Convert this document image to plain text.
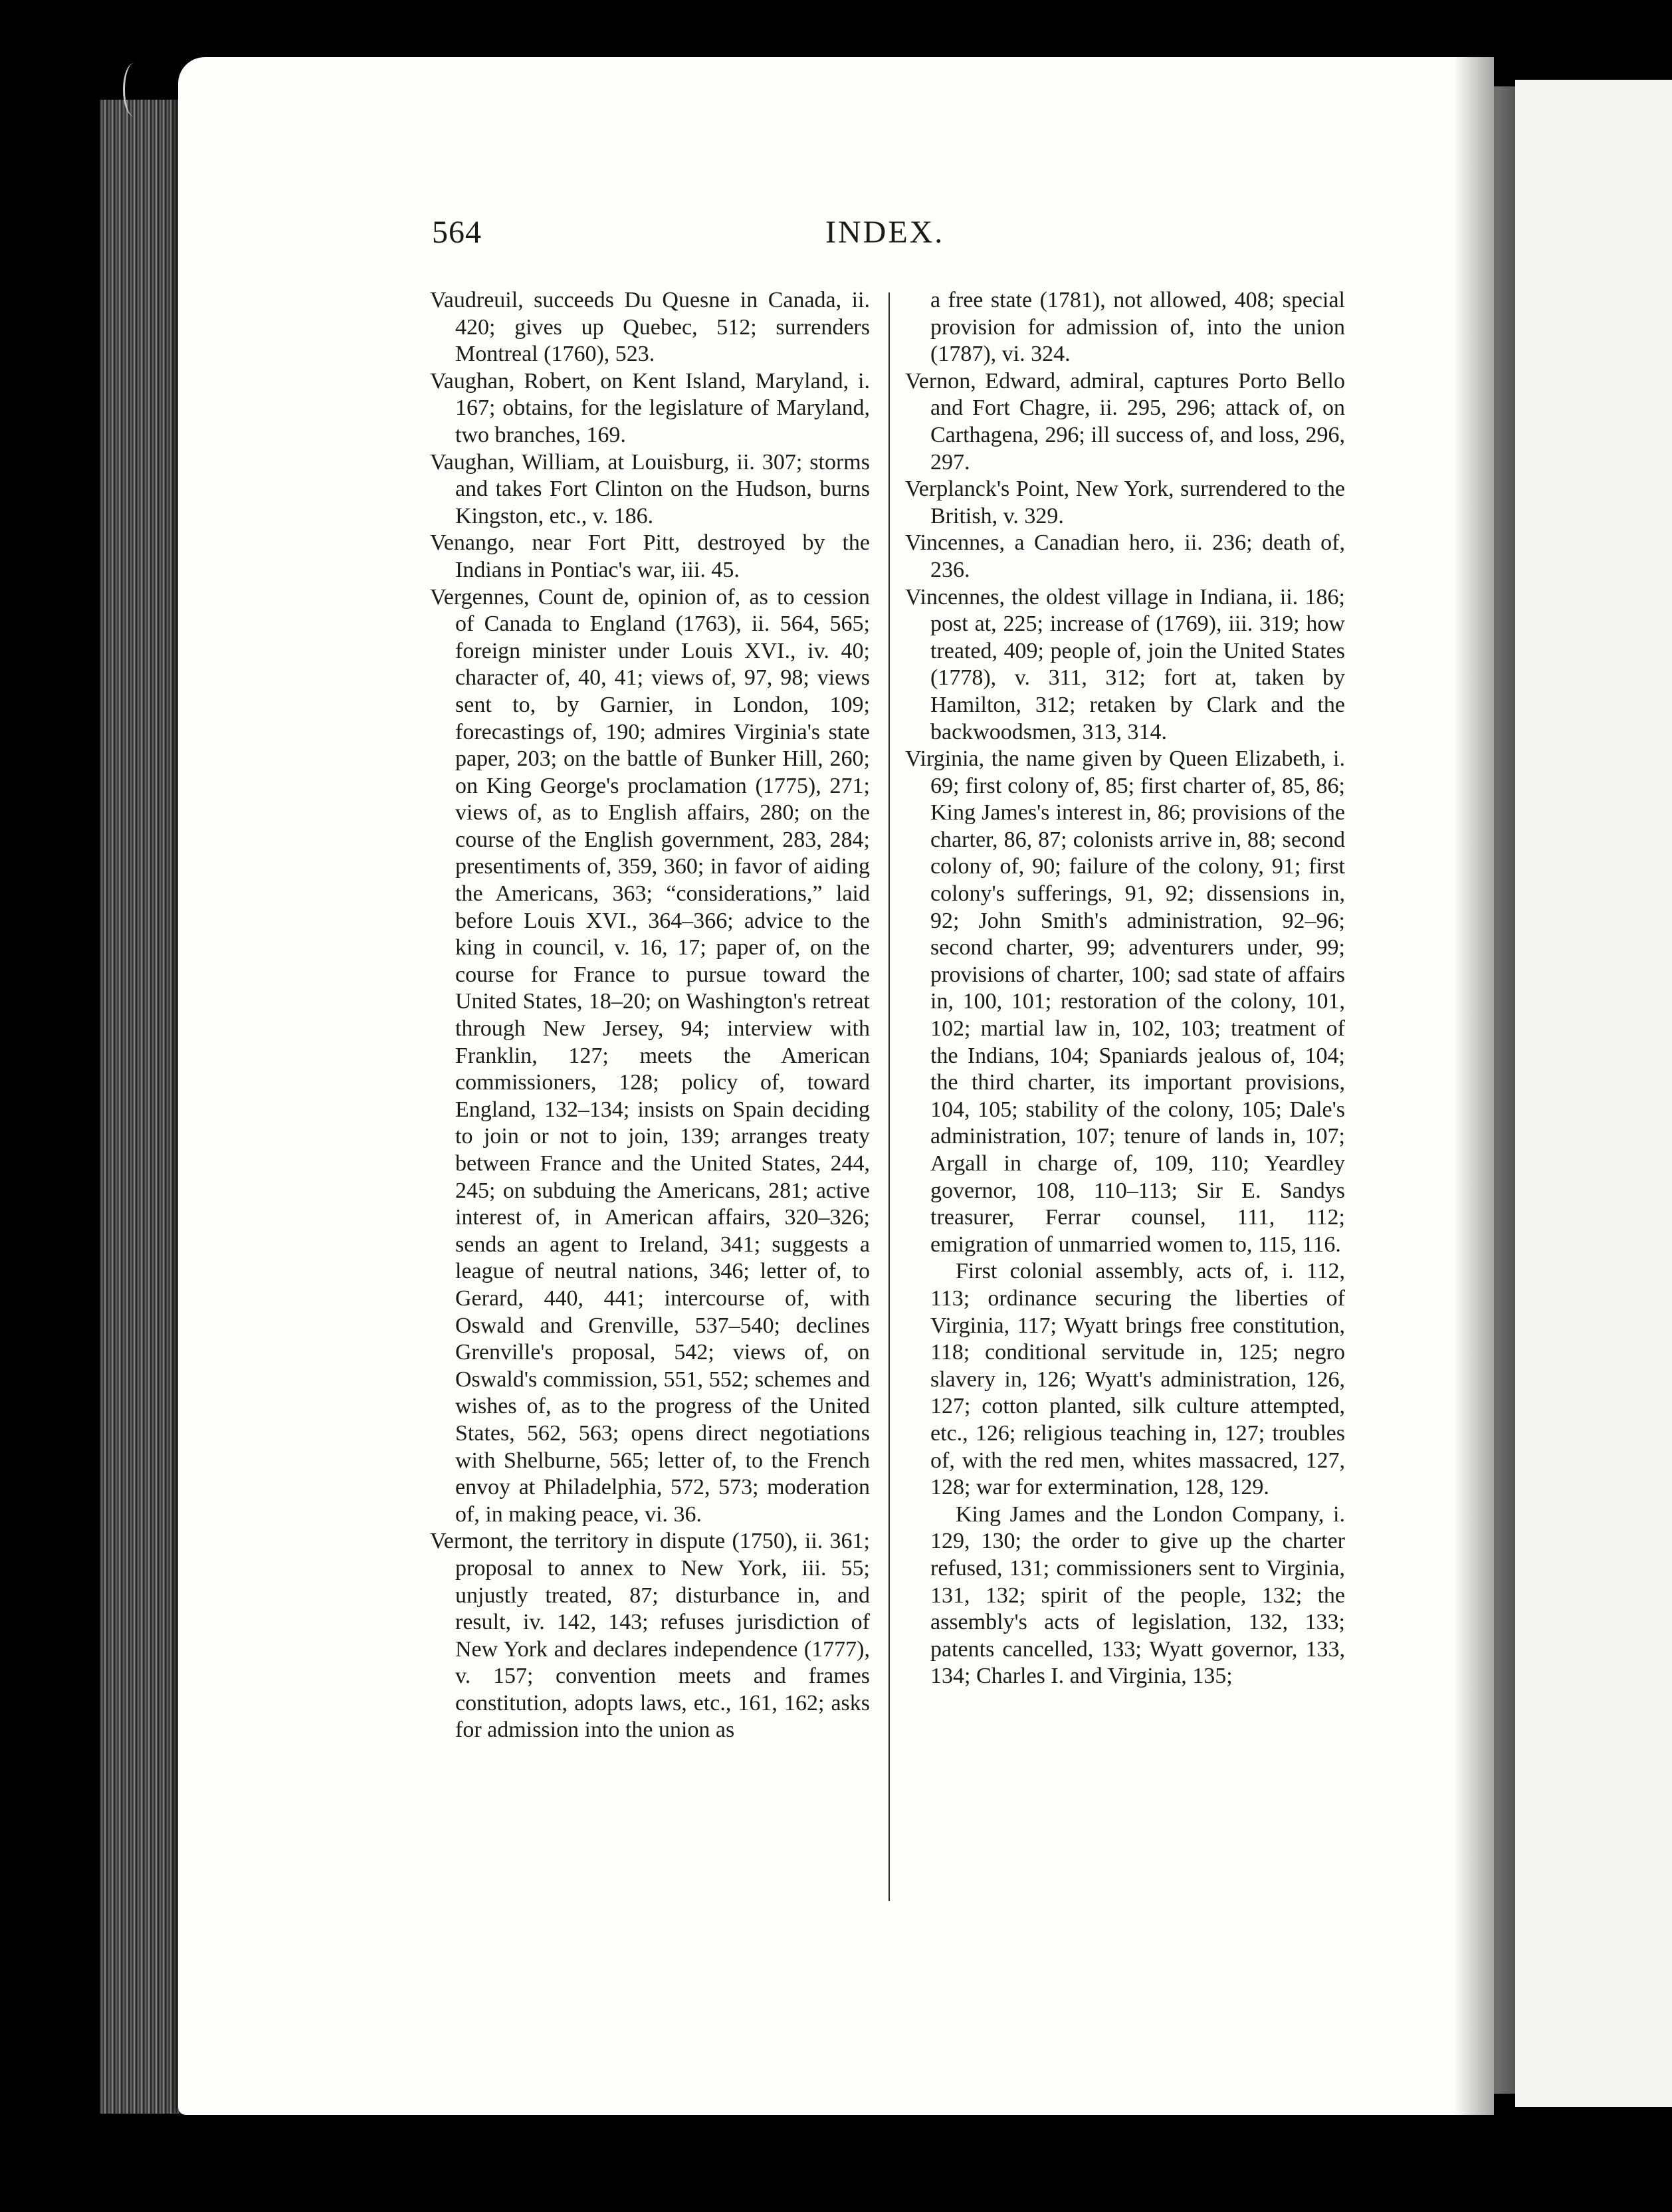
564	INDEX.

Vaudreuil, succeeds Du Quesne in Canada, ii. 420; gives up Quebec, 512; surrenders Montreal (1760), 523.

Vaughan, Robert, on Kent Island, Maryland, i. 167; obtains, for the legislature of Maryland, two branches, 169.

Vaughan, William, at Louisburg, ii. 307; storms and takes Fort Clinton on the Hudson, burns Kingston, etc., v. 186.

Venango, near Fort Pitt, destroyed by the Indians in Pontiac's war, iii. 45.

Vergennes, Count de, opinion of, as to cession of Canada to England (1763), ii. 564, 565; foreign minister under Louis XVI., iv. 40; character of, 40, 41; views of, 97, 98; views sent to, by Garnier, in London, 109; forecastings of, 190; admires Virginia's state paper, 203; on the battle of Bunker Hill, 260; on King George's proclamation (1775), 271; views of, as to English affairs, 280; on the course of the English government, 283, 284; presentiments of, 359, 360; in favor of aiding the Americans, 363; “considerations,” laid before Louis XVI., 364–366; advice to the king in council, v. 16, 17; paper of, on the course for France to pursue toward the United States, 18–20; on Washington's retreat through New Jersey, 94; interview with Franklin, 127; meets the American commissioners, 128; policy of, toward England, 132–134; insists on Spain deciding to join or not to join, 139; arranges treaty between France and the United States, 244, 245; on subduing the Americans, 281; active interest of, in American affairs, 320–326; sends an agent to Ireland, 341; suggests a league of neutral nations, 346; letter of, to Gerard, 440, 441; intercourse of, with Oswald and Grenville, 537–540; declines Grenville's proposal, 542; views of, on Oswald's commission, 551, 552; schemes and wishes of, as to the progress of the United States, 562, 563; opens direct negotiations with Shelburne, 565; letter of, to the French envoy at Philadelphia, 572, 573; moderation of, in making peace, vi. 36.

Vermont, the territory in dispute (1750), ii. 361; proposal to annex to New York, iii. 55; unjustly treated, 87; disturbance in, and result, iv. 142, 143; refuses jurisdiction of New York and declares independence (1777), v. 157; convention meets and frames constitution, adopts laws, etc., 161, 162; asks for admission into the union as

a free state (1781), not allowed, 408; special provision for admission of, into the union (1787), vi. 324.

Vernon, Edward, admiral, captures Porto Bello and Fort Chagre, ii. 295, 296; attack of, on Carthagena, 296; ill success of, and loss, 296, 297.

Verplanck's Point, New York, surrendered to the British, v. 329.

Vincennes, a Canadian hero, ii. 236; death of, 236.

Vincennes, the oldest village in Indiana, ii. 186; post at, 225; increase of (1769), iii. 319; how treated, 409; people of, join the United States (1778), v. 311, 312; fort at, taken by Hamilton, 312; retaken by Clark and the backwoodsmen, 313, 314.

Virginia, the name given by Queen Elizabeth, i. 69; first colony of, 85; first charter of, 85, 86; King James's interest in, 86; provisions of the charter, 86, 87; colonists arrive in, 88; second colony of, 90; failure of the colony, 91; first colony's sufferings, 91, 92; dissensions in, 92; John Smith's administration, 92–96; second charter, 99; adventurers under, 99; provisions of charter, 100; sad state of affairs in, 100, 101; restoration of the colony, 101, 102; martial law in, 102, 103; treatment of the Indians, 104; Spaniards jealous of, 104; the third charter, its important provisions, 104, 105; stability of the colony, 105; Dale's administration, 107; tenure of lands in, 107; Argall in charge of, 109, 110; Yeardley governor, 108, 110–113; Sir E. Sandys treasurer, Ferrar counsel, 111, 112; emigration of unmarried women to, 115, 116.

First colonial assembly, acts of, i. 112, 113; ordinance securing the liberties of Virginia, 117; Wyatt brings free constitution, 118; conditional servitude in, 125; negro slavery in, 126; Wyatt's administration, 126, 127; cotton planted, silk culture attempted, etc., 126; religious teaching in, 127; troubles of, with the red men, whites massacred, 127, 128; war for extermination, 128, 129.

King James and the London Company, i. 129, 130; the order to give up the charter refused, 131; commissioners sent to Virginia, 131, 132; spirit of the people, 132; the assembly's acts of legislation, 132, 133; patents cancelled, 133; Wyatt governor, 133, 134; Charles I. and Virginia, 135;
